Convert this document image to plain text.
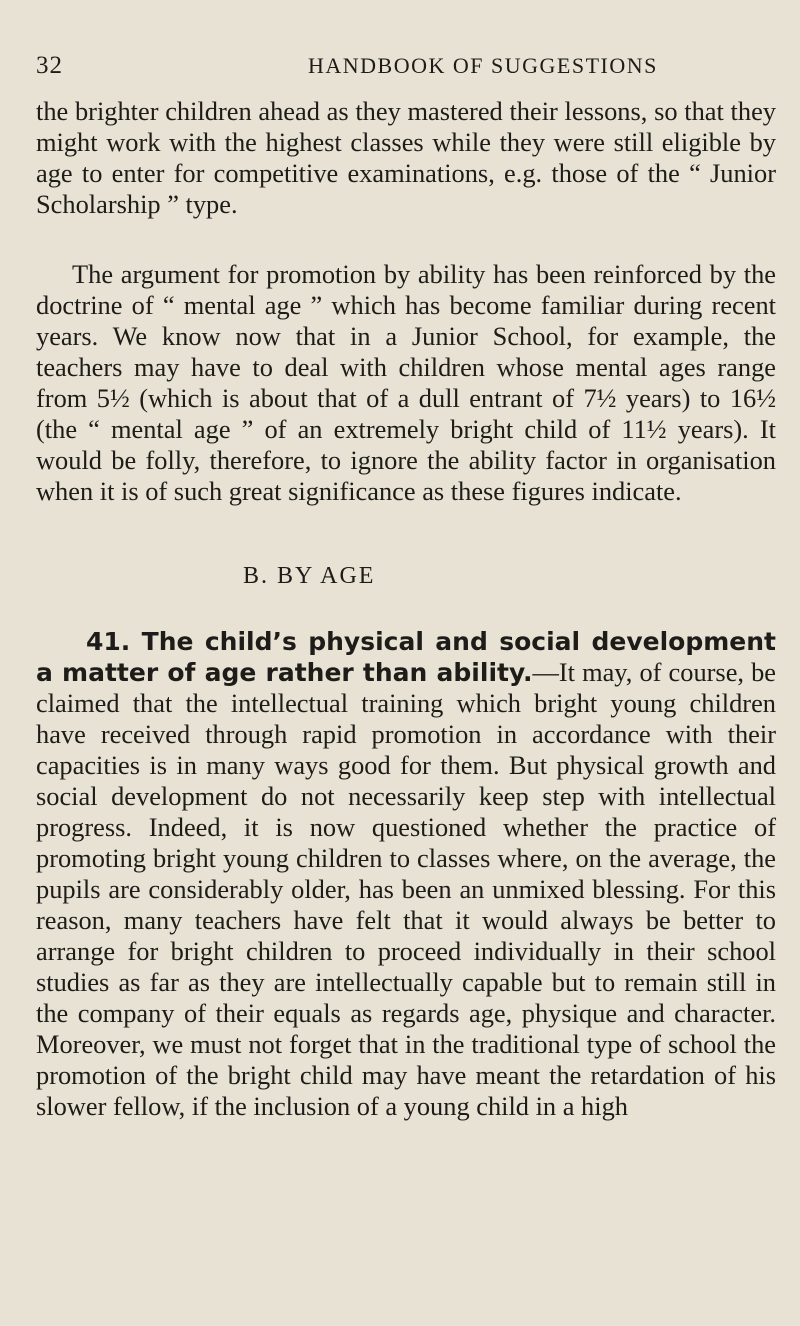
32	HANDBOOK OF SUGGESTIONS

the brighter children ahead as they mastered their lessons, so that they might work with the highest classes while they were still eligible by age to enter for competitive examinations, e.g. those of the “ Junior Scholarship ” type.

The argument for promotion by ability has been reinforced by the doctrine of “ mental age ” which has become familiar during recent years. We know now that in a Junior School, for example, the teachers may have to deal with children whose mental ages range from 5½ (which is about that of a dull entrant of 7½ years) to 16½ (the “ mental age ” of an extremely bright child of 11½ years). It would be folly, therefore, to ignore the ability factor in organisation when it is of such great significance as these figures indicate.

B. BY AGE

41. The child’s physical and social development a matter of age rather than ability.—It may, of course, be claimed that the intellectual training which bright young children have received through rapid promotion in accordance with their capacities is in many ways good for them. But physical growth and social development do not necessarily keep step with intellectual progress. Indeed, it is now questioned whether the practice of promoting bright young children to classes where, on the average, the pupils are considerably older, has been an unmixed blessing. For this reason, many teachers have felt that it would always be better to arrange for bright children to proceed individually in their school studies as far as they are intellectually capable but to remain still in the company of their equals as regards age, physique and character. Moreover, we must not forget that in the traditional type of school the promotion of the bright child may have meant the retardation of his slower fellow, if the inclusion of a young child in a high
